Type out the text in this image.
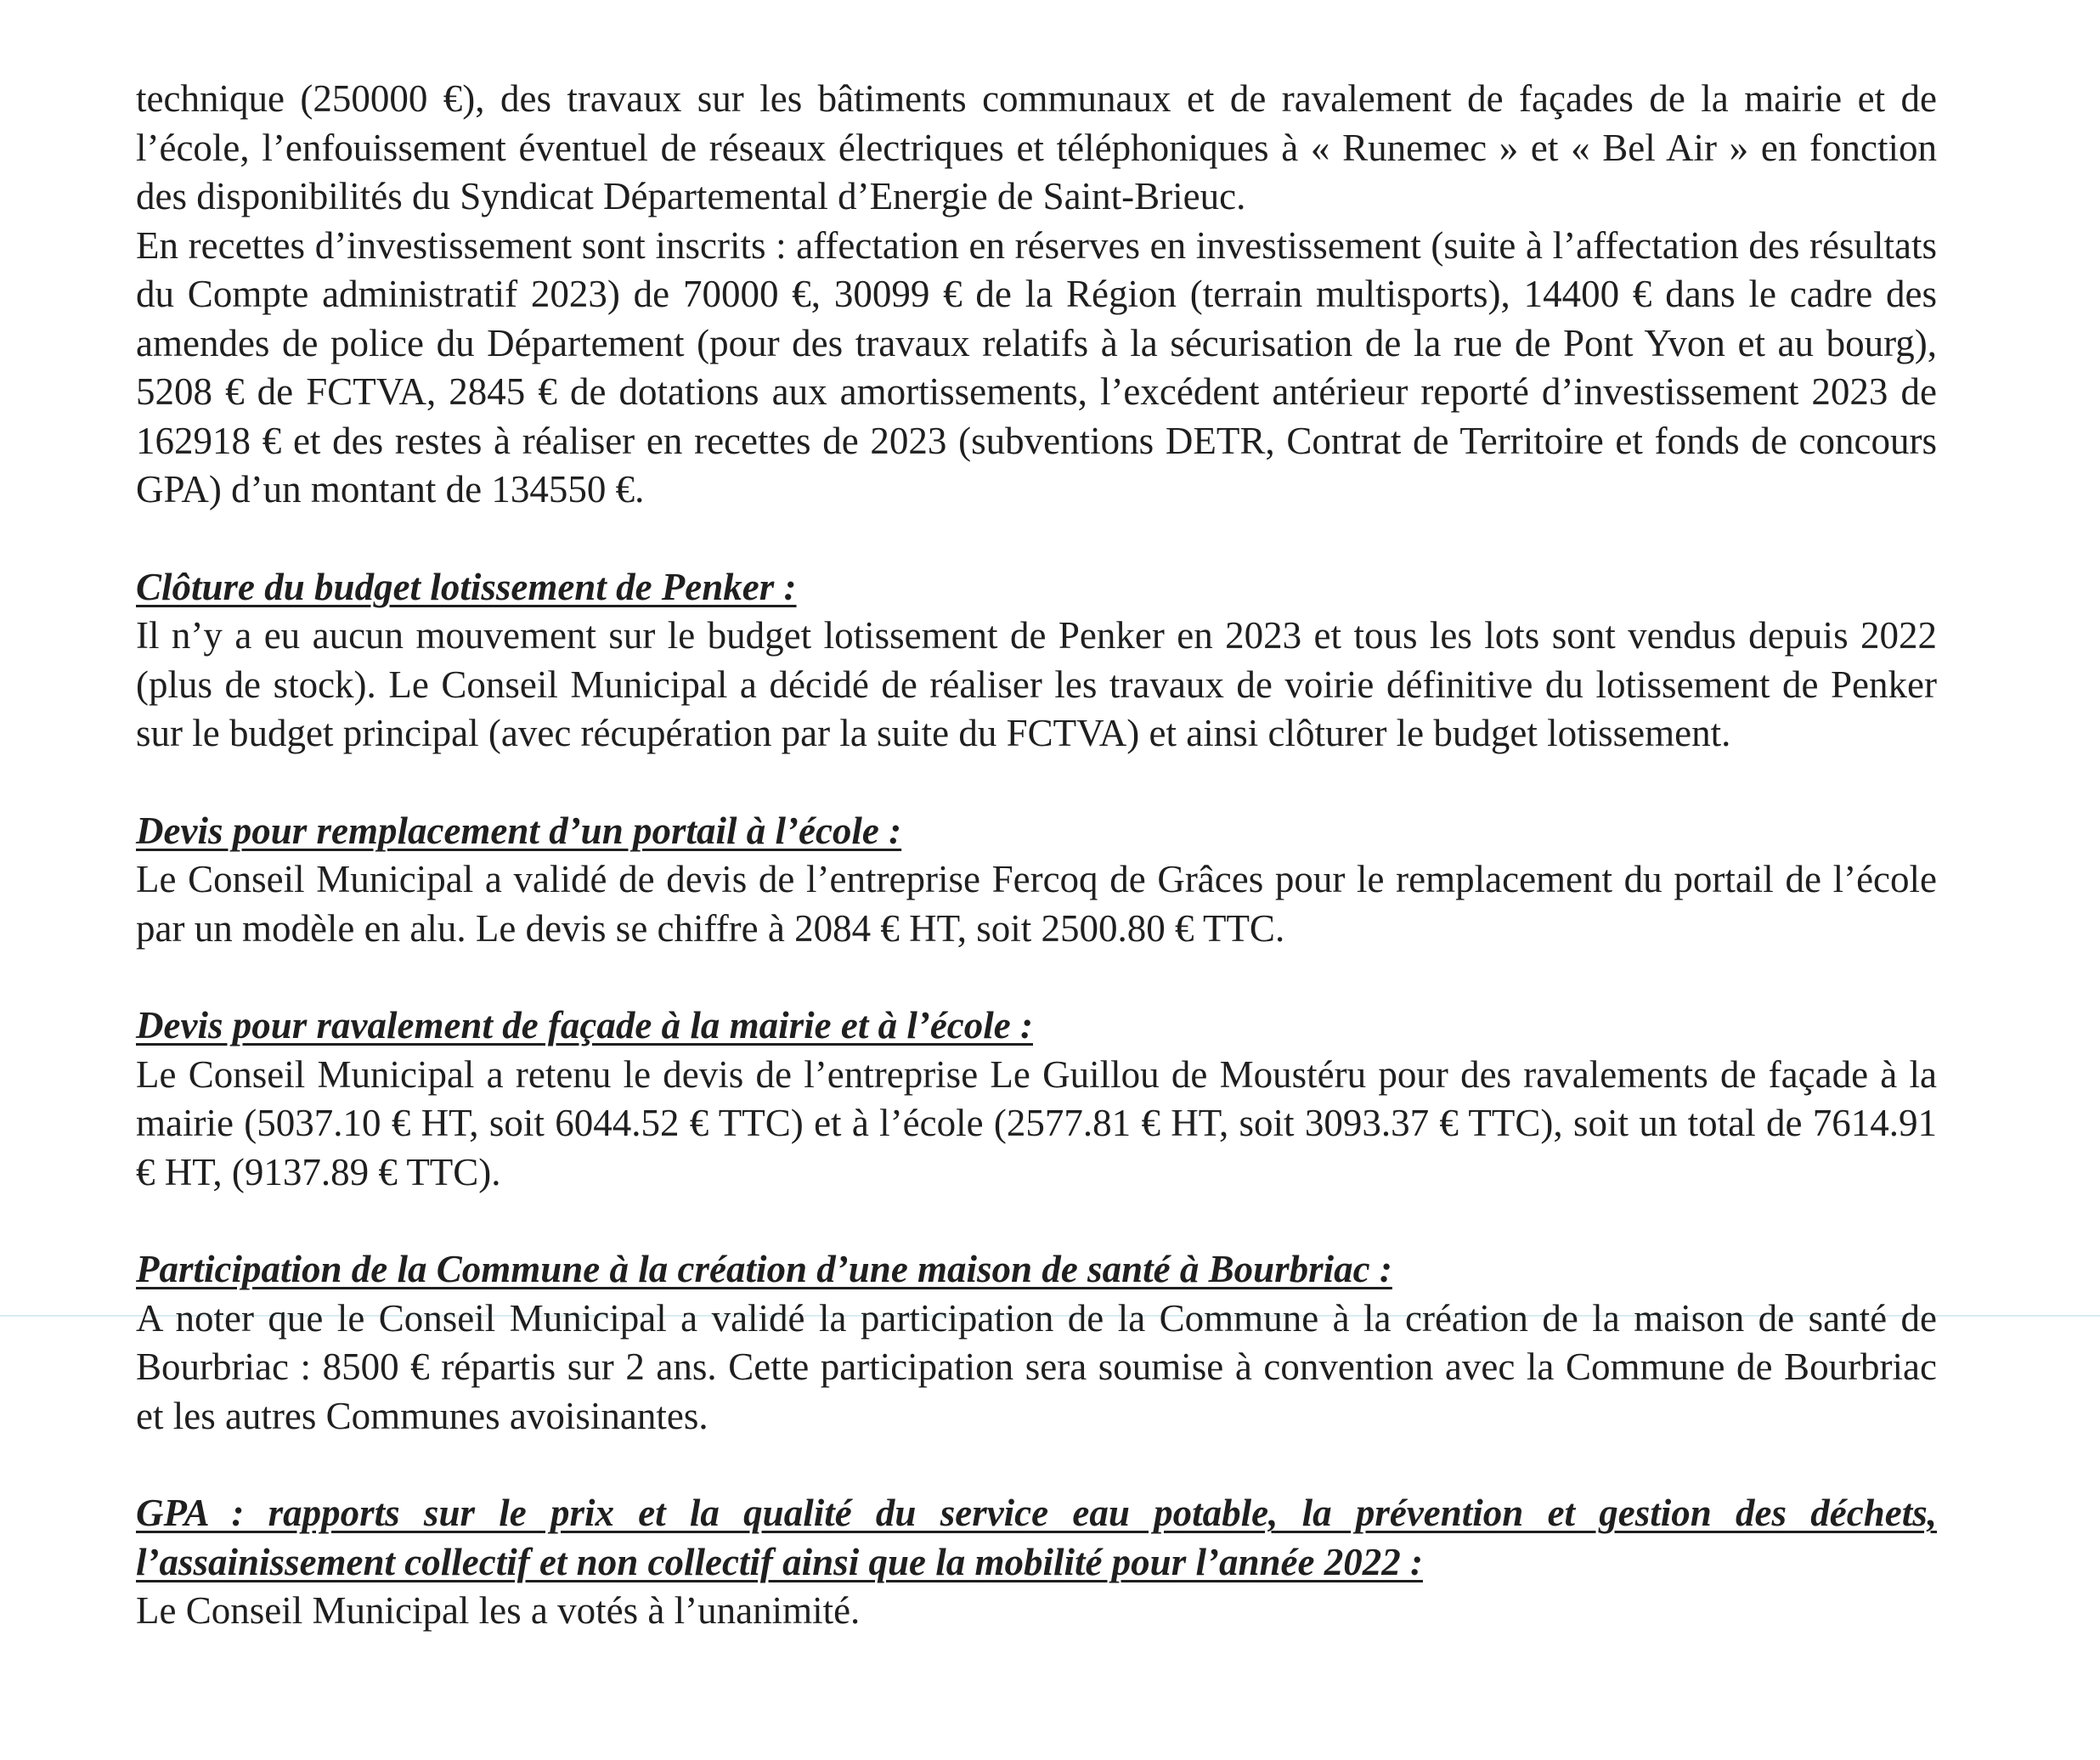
technique (250000 €), des travaux sur les bâtiments communaux et de ravalement de façades de la mairie et de l’école, l’enfouissement éventuel de réseaux électriques et téléphoniques à « Runemec » et « Bel Air » en fonction des disponibilités du Syndicat Départemental d’Energie de Saint-Brieuc.

En recettes d’investissement sont inscrits : affectation en réserves en investissement (suite à l’affectation des résultats du Compte administratif 2023) de 70000 €, 30099 € de la Région (terrain multisports), 14400 € dans le cadre des amendes de police du Département (pour des travaux relatifs à la sécurisation de la rue de Pont Yvon et au bourg), 5208 € de FCTVA, 2845 € de dotations aux amortissements, l’excédent antérieur reporté d’investissement 2023 de 162918 € et des restes à réaliser en recettes de 2023 (subventions DETR, Contrat de Territoire et fonds de concours GPA) d’un montant de 134550 €.

Clôture du budget lotissement de Penker :

Il n’y a eu aucun mouvement sur le budget lotissement de Penker en 2023 et tous les lots sont vendus depuis 2022 (plus de stock). Le Conseil Municipal a décidé de réaliser les travaux de voirie définitive du lotissement de Penker sur le budget principal (avec récupération par la suite du FCTVA) et ainsi clôturer le budget lotissement.

Devis pour remplacement d’un portail à l’école :

Le Conseil Municipal a validé de devis de l’entreprise Fercoq de Grâces pour le remplacement du portail de l’école par un modèle en alu. Le devis se chiffre à 2084 € HT, soit 2500.80 € TTC.

Devis pour ravalement de façade à la mairie et à l’école :

Le Conseil Municipal a retenu le devis de l’entreprise Le Guillou de Moustéru pour des ravalements de façade à la mairie (5037.10 € HT, soit 6044.52 € TTC) et à l’école (2577.81 € HT, soit 3093.37 € TTC), soit un total de 7614.91 € HT, (9137.89 € TTC).

Participation de la Commune à la création d’une maison de santé à Bourbriac :

A noter que le Conseil Municipal a validé la participation de la Commune à la création de la maison de santé de Bourbriac : 8500 € répartis sur 2 ans. Cette participation sera soumise à convention avec la Commune de Bourbriac et les autres Communes avoisinantes.

GPA : rapports sur le prix et la qualité du service eau potable, la prévention et gestion des déchets, l’assainissement collectif et non collectif ainsi que la mobilité pour l’année 2022 :

Le Conseil Municipal les a votés à l’unanimité.
